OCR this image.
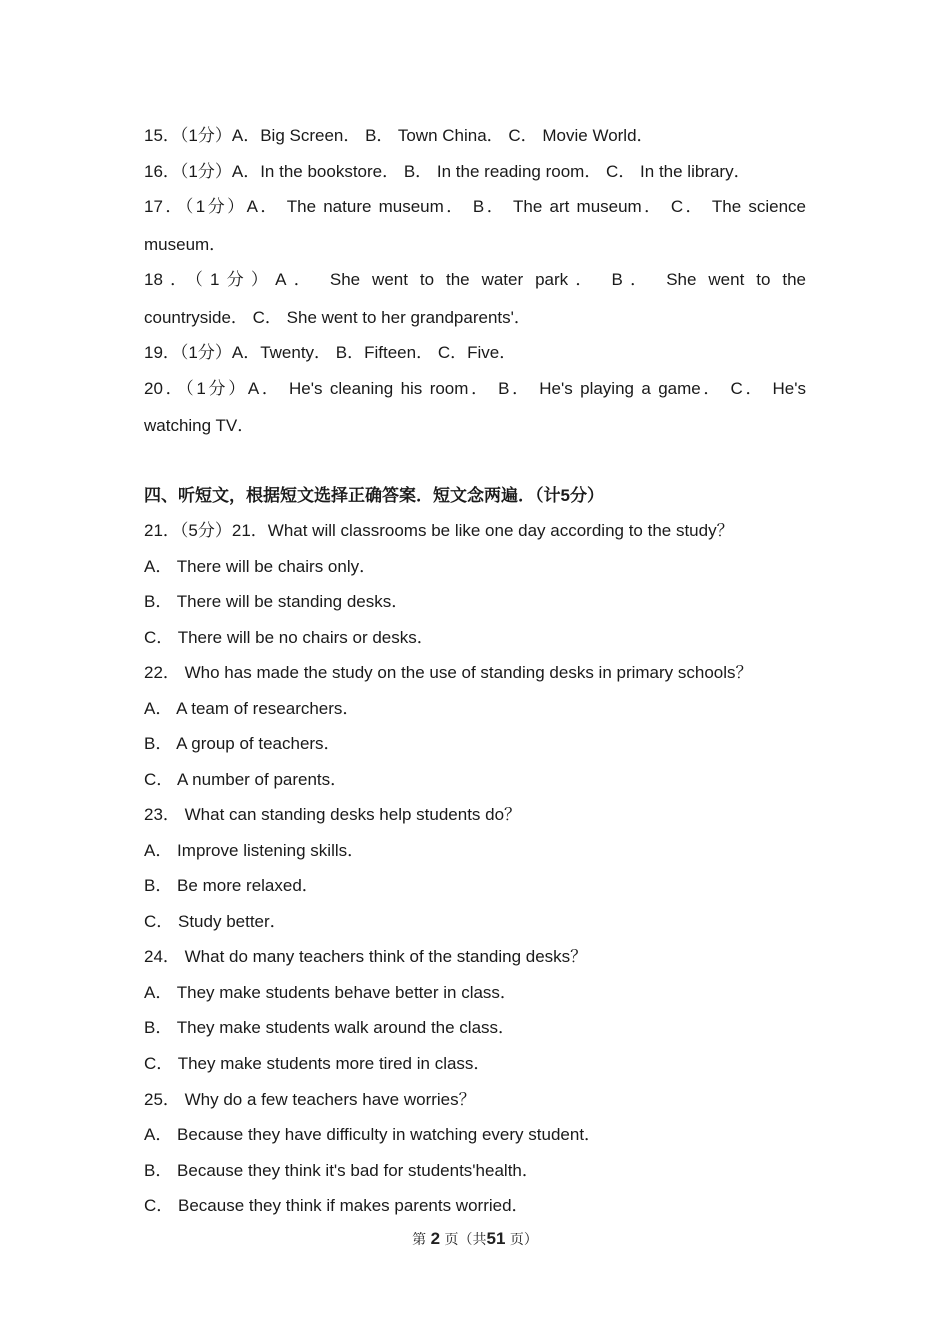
15．（1分）A．Big Screen． B． Town China． C． Movie World．
16．（1分）A．In the bookstore． B． In the reading room． C． In the library．
17．（1分）A． The nature museum． B． The art museum． C． The science
museum．
18．（1分）A． She went to the water park． B． She went to the
countryside． C． She went to her grandparents'．
19．（1分）A．Twenty． B．Fifteen． C．Five．
20．（1分）A． He's cleaning his room． B． He's playing a game． C． He's
watching TV．
四、听短文，根据短文选择正确答案．短文念两遍．（计5分）
21．（5分）21．What will classrooms be like one day according to the study？
A． There will be chairs only．
B． There will be standing desks．
C． There will be no chairs or desks．
22． Who has made the study on the use of standing desks in primary schools？
A． A team of researchers．
B． A group of teachers．
C． A number of parents．
23． What can standing desks help students do？
A． Improve listening skills．
B． Be more relaxed．
C． Study better．
24． What do many teachers think of the standing desks？
A． They make students behave better in class．
B． They make students walk around the class．
C． They make students more tired in class．
25． Why do a few teachers have worries？
A． Because they have difficulty in watching every student．
B． Because they think it's bad for students'health．
C． Because they think if makes parents worried．
第 2 页（共51 页）
